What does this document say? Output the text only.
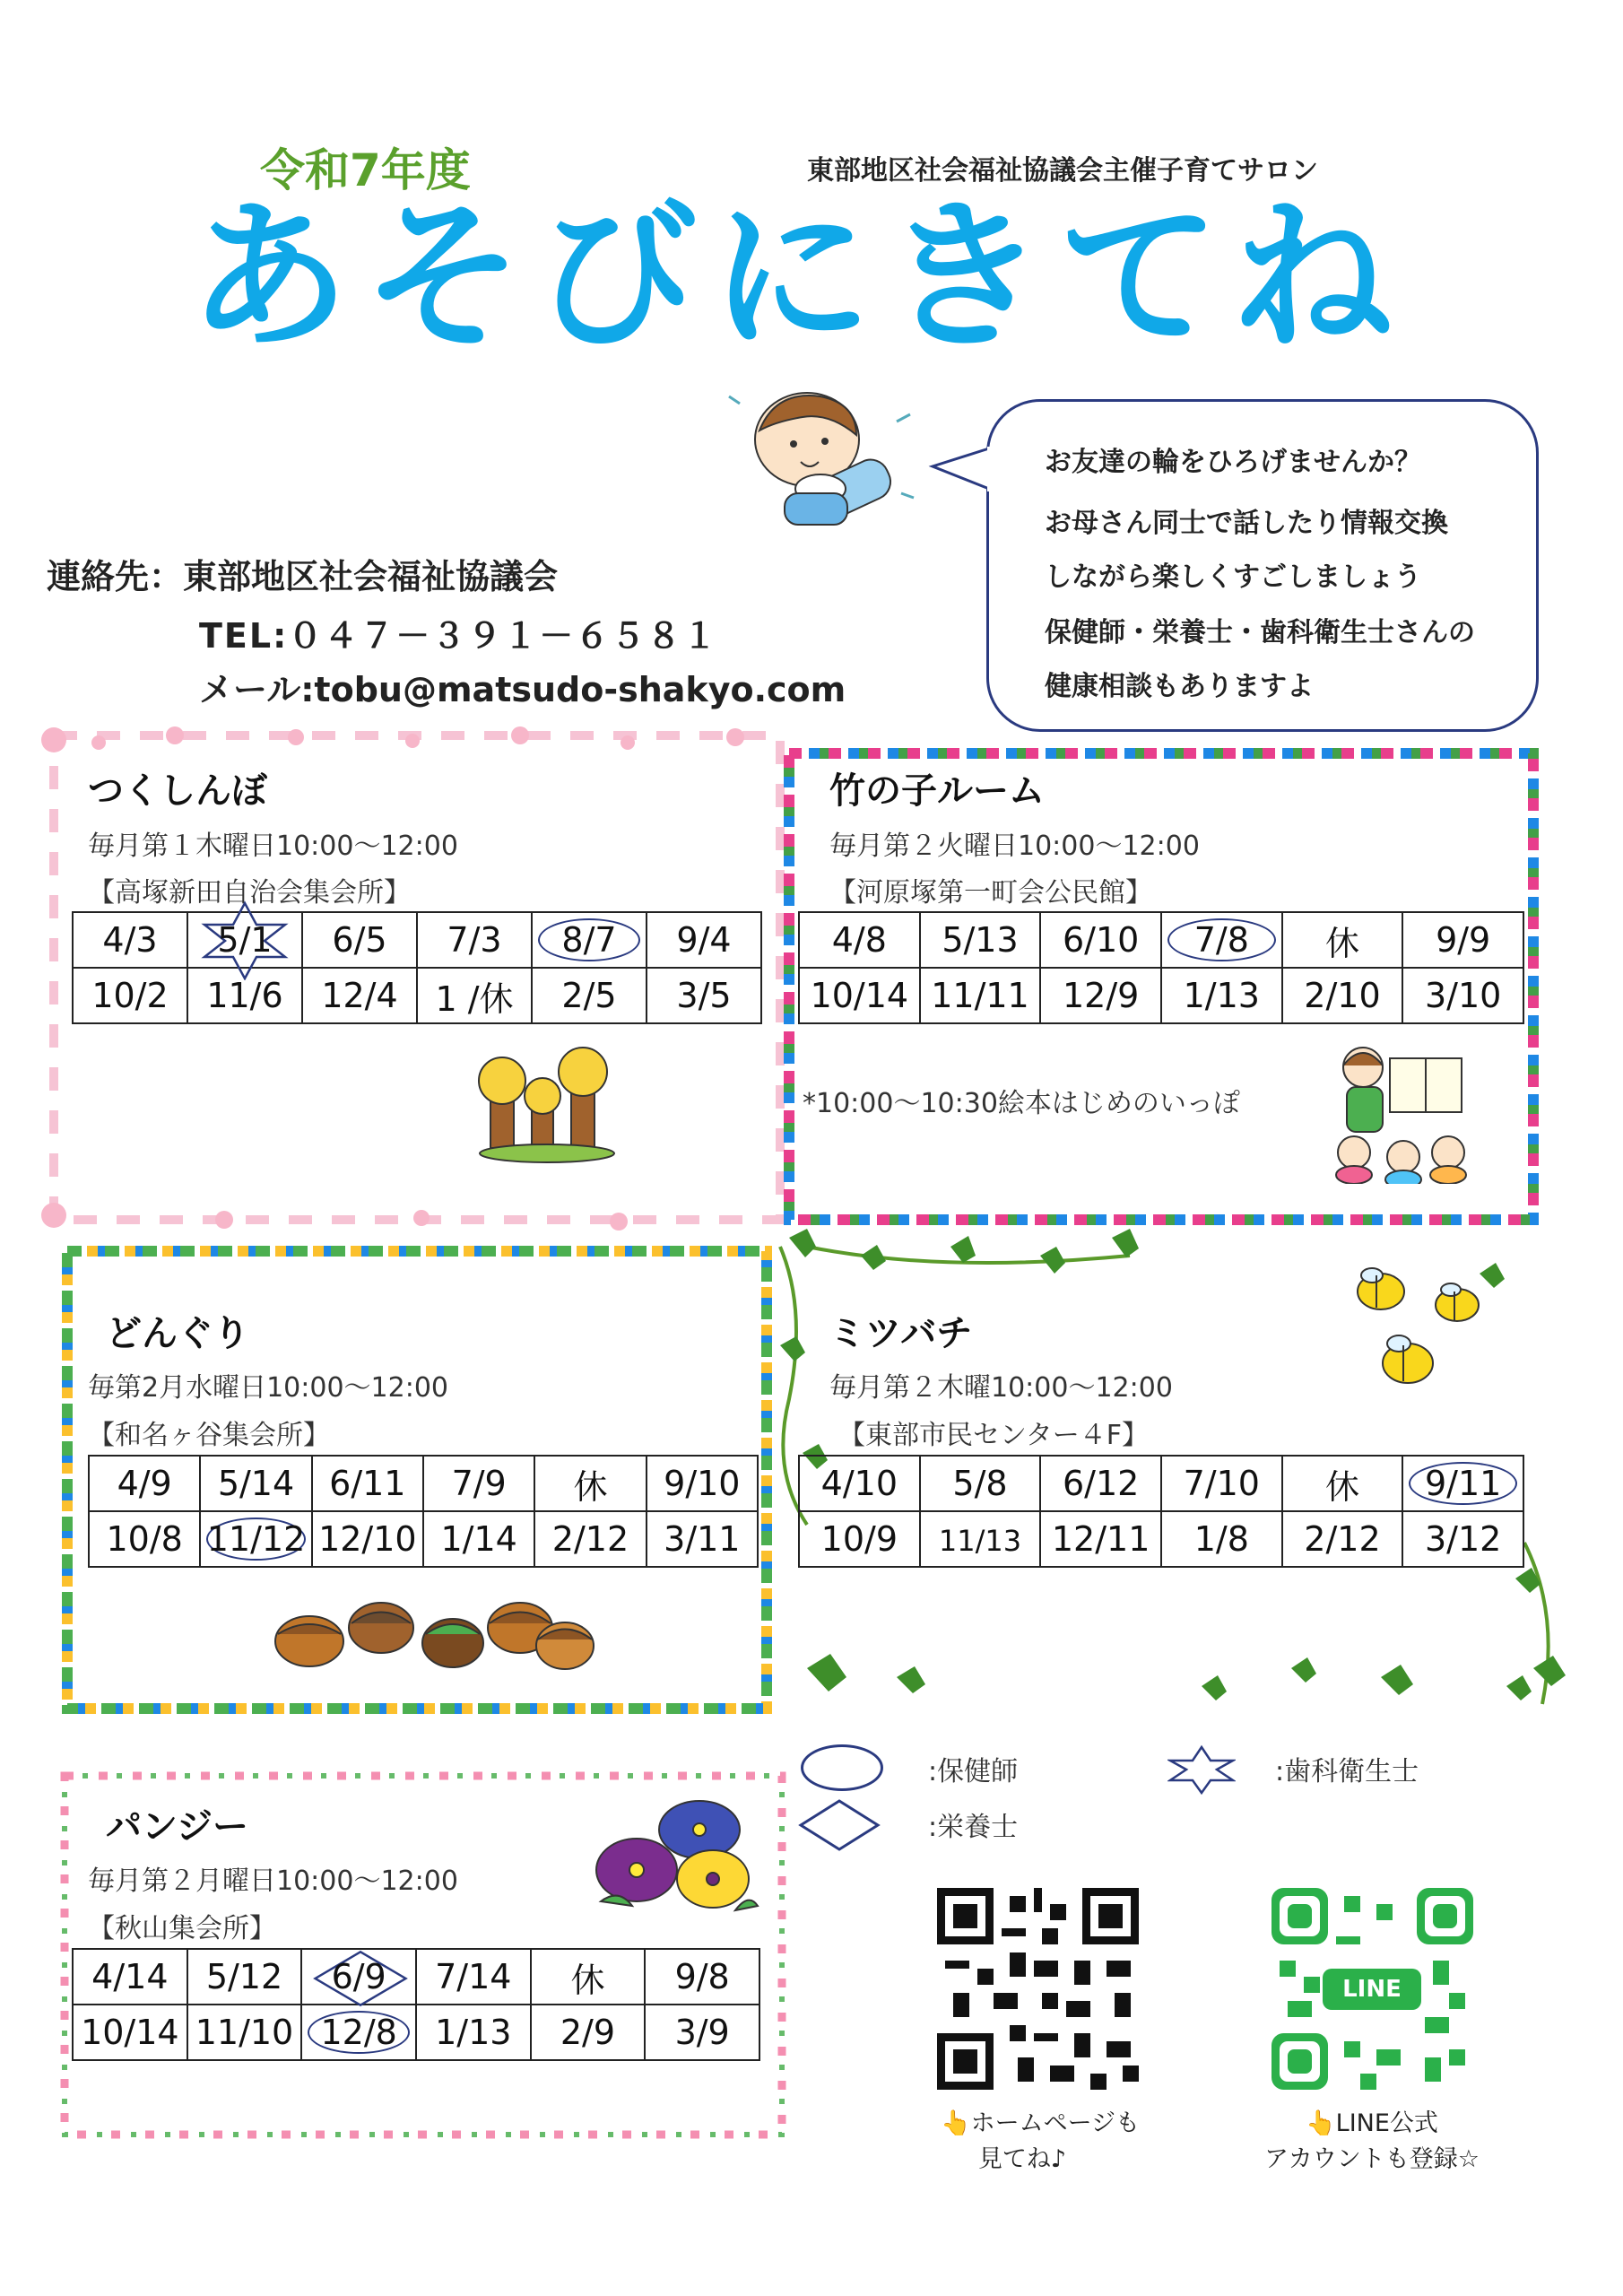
令和7年度	東部地区社会福祉協議会主催子育てサロン
あそびにきてね
お友達の輪をひろげませんか？
お母さん同士で話したり情報交換
しながら楽しくすごしましょう
保健師・栄養士・歯科衛生士さんの
健康相談もありますよ
連絡先：東部地区社会福祉協議会
TEL:０４７－３９１－６５８１
メール:tobu@matsudo-shakyo.com
つくしんぼ
毎月第１木曜日10:00～12:00
【高塚新田自治会集会所】
4/3	5/1	6/5	7/3	8/7	9/4
10/2	11/6	12/4	1 /休	2/5	3/5
竹の子ルーム
毎月第２火曜日10:00～12:00
【河原塚第一町会公民館】
4/8	5/13	6/10	7/8	休	9/9
10/14	11/11	12/9	1/13	2/10	3/10
*10:00～10:30絵本はじめのいっぽ
どんぐり
毎第2月水曜日10:00～12:00
【和名ヶ谷集会所】
4/9	5/14	6/11	7/9	休	9/10
10/8	11/12	12/10	1/14	2/12	3/11
ミツバチ
毎月第２木曜10:00～12:00
【東部市民センター４F】
4/10	5/8	6/12	7/10	休	9/11
10/9	11/13	12/11	1/8	2/12	3/12
パンジー
毎月第２月曜日10:00～12:00
【秋山集会所】
4/14	5/12	6/9	7/14	休	9/8
10/14	11/10	12/8	1/13	2/9	3/9
:保健師	:歯科衛生士
:栄養士
👆ホームページも
見てね♪
LINE
👆LINE公式
アカウントも登録☆
